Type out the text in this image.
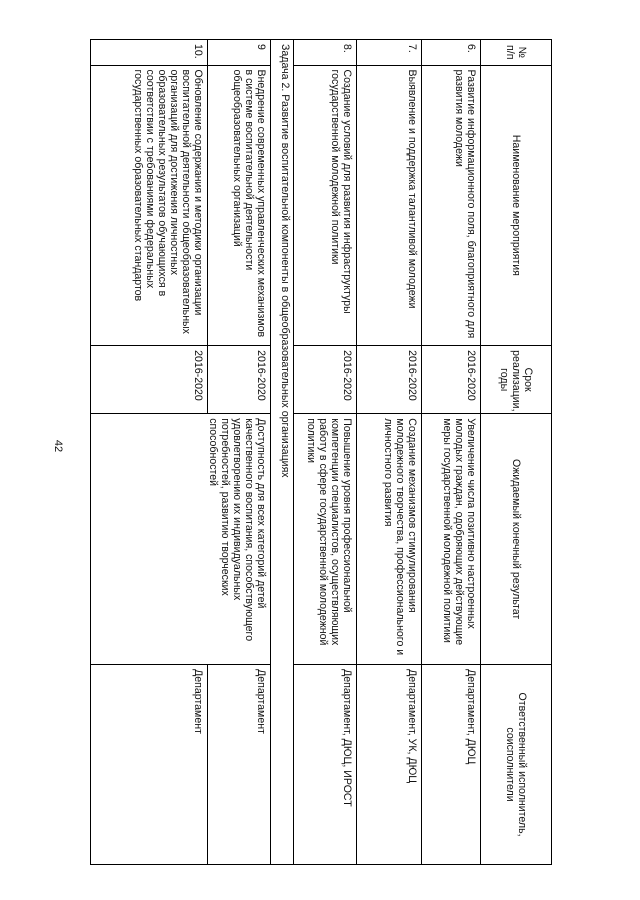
42
№ п/п	Наименование мероприятия	Срок реализации, годы	Ожидаемый конечный результат	Ответственный исполнитель, соисполнители
6.	Развитие информационного поля, благоприятного для развития молодежи	2016-2020	Увеличение числа позитивно настроенных молодых граждан, одобряющих действующие меры государственной молодежной политики	Департамент, ДЮЦ
7.	Выявление и поддержка талантливой молодежи	2016-2020	Создание механизмов стимулирования молодежного творчества, профессионального и личностного развития	Департамент, УК, ДЮЦ
8.	Создание условий для развития инфраструктуры государственной молодежной политики	2016-2020	Повышение уровня профессиональной компетенции специалистов, осуществляющих работу в сфере государственной молодежной политики	Департамент, ДЮЦ, ИРОСТ
Задача 2. Развитие воспитательной компоненты в общеобразовательных организациях				
9	Внедрение современных управленческих механизмов в системе воспитательной деятельности общеобразовательных организаций	2016-2020	Доступность для всех категорий детей качественного воспитания, способствующего удовлетворению их индивидуальных потребностей, развитию творческих способностей	Департамент
10.	Обновление содержания и методики организации воспитательной деятельности общеобразовательных организаций для достижения личностных образовательных результатов обучающихся в соответствии с требованиями федеральных государственных образовательных стандартов	2016-2020		Департамент
